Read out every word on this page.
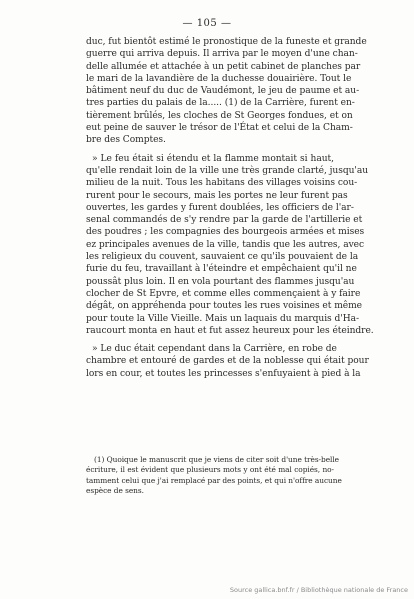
— 105 —
duc, fut bientôt estimé le pronostique de la funeste et grande
guerre qui arriva depuis. Il arriva par le moyen d'une chan-
delle allumée et attachée à un petit cabinet de planches par
le mari de la lavandière de la duchesse douairière. Tout le
bâtiment neuf du duc de Vaudémont, le jeu de paume et au-
tres parties du palais de la..... (1) de la Carrière, furent en-
tièrement brûlés, les cloches de St Georges fondues, et on
eut peine de sauver le trésor de l'État et celui de la Cham-
bre des Comptes.
» Le feu était si étendu et la flamme montait si haut,
qu'elle rendait loin de la ville une très grande clarté, jusqu'au
milieu de la nuit. Tous les habitans des villages voisins cou-
rurent pour le secours, mais les portes ne leur furent pas
ouvertes, les gardes y furent doublées, les officiers de l'ar-
senal commandés de s'y rendre par la garde de l'artillerie et
des poudres ; les compagnies des bourgeois armées et mises
ez principales avenues de la ville, tandis que les autres, avec
les religieux du couvent, sauvaient ce qu'ils pouvaient de la
furie du feu, travaillant à l'éteindre et empêchaient qu'il ne
poussât plus loin. Il en vola pourtant des flammes jusqu'au
clocher de St Epvre, et comme elles commençaient à y faire
dégât, on appréhenda pour toutes les rues voisines et même
pour toute la Ville Vieille. Mais un laquais du marquis d'Ha-
raucourt monta en haut et fut assez heureux pour les éteindre.
» Le duc était cependant dans la Carrière, en robe de
chambre et entouré de gardes et de la noblesse qui était pour
lors en cour, et toutes les princesses s'enfuyaient à pied à la
(1) Quoique le manuscrit que je viens de citer soit d'une très-belle
écriture, il est évident que plusieurs mots y ont été mal copiés, no-
tamment celui que j'ai remplacé par des points, et qui n'offre aucune
espèce de sens.
Source gallica.bnf.fr / Bibliothèque nationale de France
